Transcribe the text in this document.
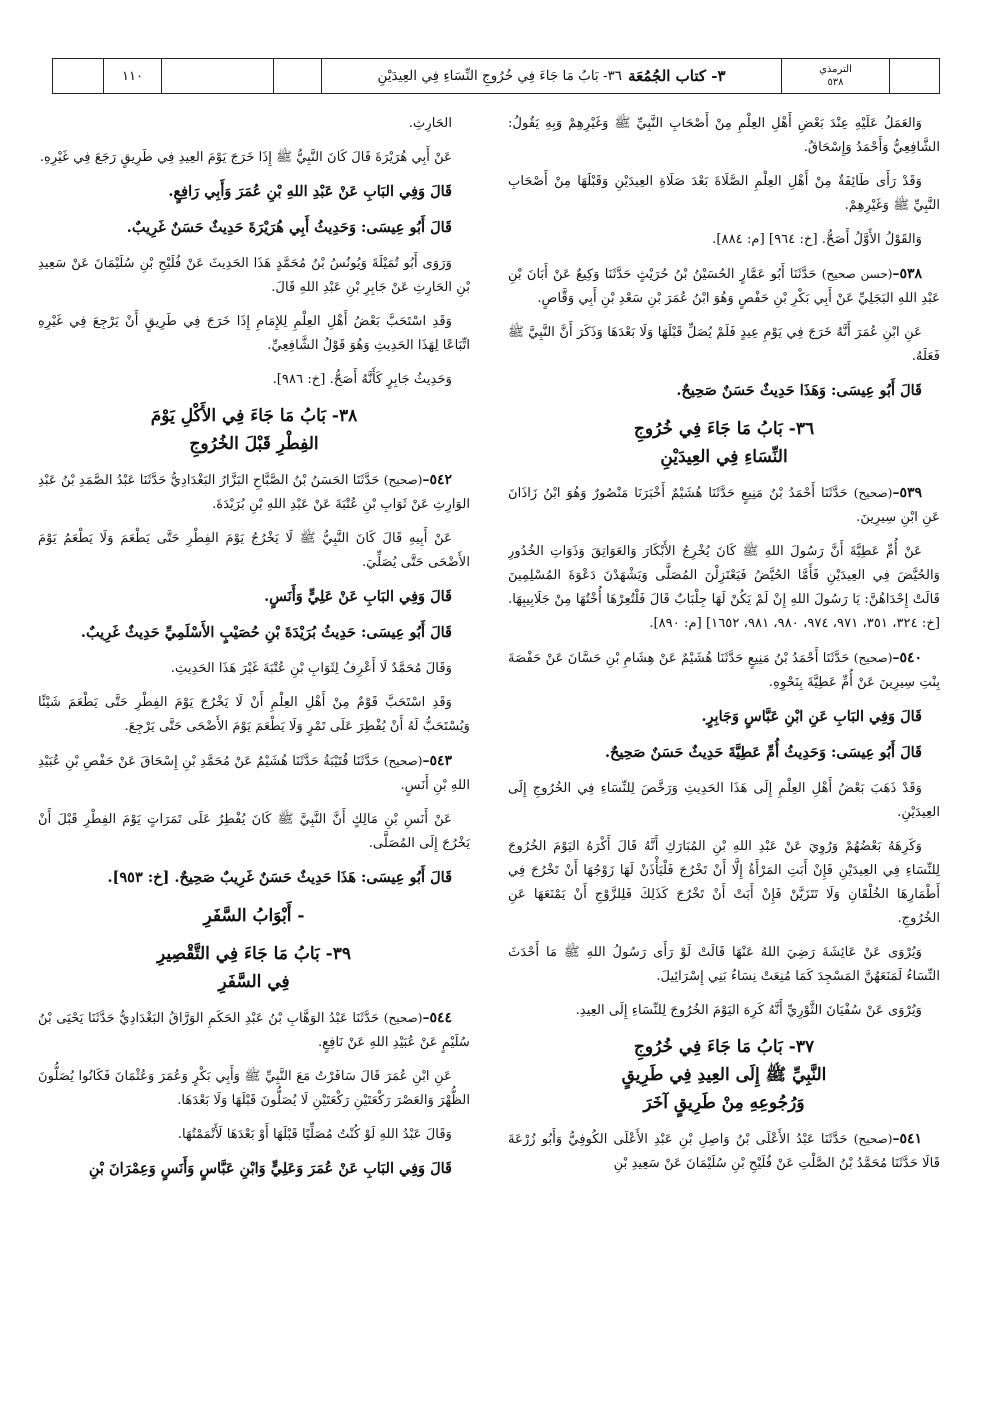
١١٠	٣- كتاب الجُمُعَة
٣٦- بَابُ مَا جَاءَ فِي خُرُوجِ النِّسَاءِ فِي العِيدَيْنِ	الترمذي
٥٣٨

وَالعَمَلُ عَلَيْهِ عِنْدَ بَعْضِ أَهْلِ العِلْمِ مِنْ أَصْحَابِ النَّبِيِّ ﷺ وَغَيْرِهِمْ وَبِهِ يَقُولُ: الشَّافِعِيُّ وَأَحْمَدُ وَإِسْحَاقُ.

وَقَدْ رَأَى طَائِفَةٌ مِنْ أَهْلِ العِلْمِ الصَّلَاةَ بَعْدَ صَلَاةِ العِيدَيْنِ وَقَبْلَهَا مِنْ أَصْحَابِ النَّبِيِّ ﷺ وَغَيْرِهِمْ.

وَالقَوْلُ الأَوَّلُ أَصَحُّ. [خ: ٩٦٤] [م: ٨٨٤].

٥٣٨–(حسن صحيح) حَدَّثَنَا أَبُو عَمَّارٍ الحُسَيْنُ بْنُ حُرَيْثٍ حَدَّثَنَا وَكِيعٌ عَنْ أَبَانَ بْنِ عَبْدِ اللهِ البَجَلِيِّ عَنْ أَبِي بَكْرِ بْنِ حَفْصٍ وَهُوَ ابْنُ عُمَرَ بْنِ سَعْدِ بْنِ أَبِي وَقَّاصٍ.

عَنِ ابْنِ عُمَرَ أَنَّهُ خَرَجَ فِي يَوْمِ عِيدٍ فَلَمْ يُصَلِّ قَبْلَهَا وَلَا بَعْدَهَا وَذَكَرَ أَنَّ النَّبِيَّ ﷺ فَعَلَهُ.

قَالَ أَبُو عِيسَى: وَهَذَا حَدِيثٌ حَسَنٌ صَحِيحٌ.

٣٦- بَابُ مَا جَاءَ فِي خُرُوجِ
النِّسَاءِ فِي العِيدَيْنِ

٥٣٩–(صحيح) حَدَّثَنَا أَحْمَدُ بْنُ مَنِيعٍ حَدَّثَنَا هُشَيْمٌ أَخْبَرَنَا مَنْصُورٌ وَهُوَ ابْنُ زَاذَانَ عَنِ ابْنِ سِيرِينَ.

عَنْ أُمِّ عَطِيَّةَ أَنَّ رَسُولَ اللهِ ﷺ كَانَ يُخْرِجُ الأَبْكَارَ وَالعَوَاتِقَ وَذَوَاتِ الخُدُورِ وَالحُيَّضَ فِي العِيدَيْنِ فَأَمَّا الحُيَّضُ فَيَعْتَزِلْنَ المُصَلَّى وَيَشْهَدْنَ دَعْوَةَ المُسْلِمِينَ قَالَتْ إِحْدَاهُنَّ: يَا رَسُولَ اللهِ إِنْ لَمْ يَكُنْ لَهَا جِلْبَابٌ قَالَ فَلْتُعِرْهَا أُخْتُهَا مِنْ جَلَابِيبِهَا. [خ: ٣٢٤، ٣٥١، ٩٧١، ٩٧٤، ٩٨٠، ٩٨١، ١٦٥٢] [م: ٨٩٠].

٥٤٠–(صحيح) حَدَّثَنَا أَحْمَدُ بْنُ مَنِيعٍ حَدَّثَنَا هُشَيْمٌ عَنْ هِشَامِ بْنِ حَسَّانَ عَنْ حَفْصَةَ بِنْتِ سِيرِينَ عَنْ أُمِّ عَطِيَّةَ بِنَحْوِهِ.

قَالَ وَفِي البَابِ عَنِ ابْنِ عَبَّاسٍ وَجَابِرٍ.

قَالَ أَبُو عِيسَى: وَحَدِيثُ أُمِّ عَطِيَّةَ حَدِيثٌ حَسَنٌ صَحِيحٌ.

وَقَدْ ذَهَبَ بَعْضُ أَهْلِ العِلْمِ إِلَى هَذَا الحَدِيثِ وَرَخَّصَ لِلنِّسَاءِ فِي الخُرُوجِ إِلَى العِيدَيْنِ.

وَكَرِهَهُ بَعْضُهُمْ وَرُوِيَ عَنْ عَبْدِ اللهِ بْنِ المُبَارَكِ أَنَّهُ قَالَ أَكْرَهُ اليَوْمَ الخُرُوجَ لِلنِّسَاءِ فِي العِيدَيْنِ فَإِنْ أَبَتِ المَرْأَةُ إِلَّا أَنْ تَخْرُجَ فَلْيَأْذَنْ لَهَا زَوْجُهَا أَنْ تَخْرُجَ فِي أَطْمَارِهَا الخُلْقَانِ وَلَا تَتَزَيَّنْ فَإِنْ أَبَتْ أَنْ تَخْرُجَ كَذَلِكَ فَلِلزَّوْجِ أَنْ يَمْنَعَهَا عَنِ الخُرُوجِ.

وَيُرْوَى عَنْ عَائِشَةَ رَضِيَ اللهُ عَنْهَا قَالَتْ لَوْ رَأَى رَسُولُ اللهِ ﷺ مَا أَحْدَثَ النِّسَاءُ لَمَنَعَهُنَّ المَسْجِدَ كَمَا مُنِعَتْ نِسَاءُ بَنِي إِسْرَائِيلَ.

وَيُرْوَى عَنْ سُفْيَانَ الثَّوْرِيِّ أَنَّهُ كَرِهَ اليَوْمَ الخُرُوجَ لِلنِّسَاءِ إِلَى العِيدِ.

٣٧- بَابُ مَا جَاءَ فِي خُرُوجِ
النَّبِيِّ ﷺ إِلَى العِيدِ فِي طَرِيقٍ
وَرُجُوعِهِ مِنْ طَرِيقٍ آخَرَ

٥٤١–(صحيح) حَدَّثَنَا عَبْدُ الأَعْلَى بْنُ وَاصِلِ بْنِ عَبْدِ الأَعْلَى الكُوفِيُّ وَأَبُو زُرْعَةَ قَالَا حَدَّثَنَا مُحَمَّدُ بْنُ الصَّلْتِ عَنْ فُلَيْحِ بْنِ سُلَيْمَانَ عَنْ سَعِيدِ بْنِ

الحَارِثِ.

عَنْ أَبِي هُرَيْرَةَ قَالَ كَانَ النَّبِيُّ ﷺ إِذَا خَرَجَ يَوْمَ العِيدِ فِي طَرِيقٍ رَجَعَ فِي غَيْرِهِ.

قَالَ وَفِي البَابِ عَنْ عَبْدِ اللهِ بْنِ عُمَرَ وَأَبِي رَافِعٍ.

قَالَ أَبُو عِيسَى: وَحَدِيثُ أَبِي هُرَيْرَةَ حَدِيثٌ حَسَنٌ غَرِيبٌ.

وَرَوَى أَبُو تُمَيْلَةَ وَيُونُسُ بْنُ مُحَمَّدٍ هَذَا الحَدِيثَ عَنْ فُلَيْحِ بْنِ سُلَيْمَانَ عَنْ سَعِيدِ بْنِ الحَارِثِ عَنْ جَابِرِ بْنِ عَبْدِ اللهِ قَالَ.

وَقَدِ اسْتَحَبَّ بَعْضُ أَهْلِ العِلْمِ لِلإِمَامِ إِذَا خَرَجَ فِي طَرِيقٍ أَنْ يَرْجِعَ فِي غَيْرِهِ اتِّبَاعًا لِهَذَا الحَدِيثِ وَهُوَ قَوْلُ الشَّافِعِيِّ.

وَحَدِيثُ جَابِرٍ كَأَنَّهُ أَصَحُّ. [خ: ٩٨٦].

٣٨- بَابُ مَا جَاءَ فِي الأَكْلِ يَوْمَ
الفِطْرِ قَبْلَ الخُرُوجِ

٥٤٢–(صحيح) حَدَّثَنَا الحَسَنُ بْنُ الصَّبَّاحِ البَزَّارُ البَغْدَادِيُّ حَدَّثَنَا عَبْدُ الصَّمَدِ بْنُ عَبْدِ الوَارِثِ عَنْ ثَوَابِ بْنِ عُتْبَةَ عَنْ عَبْدِ اللهِ بْنِ بُرَيْدَةَ.

عَنْ أَبِيهِ قَالَ كَانَ النَّبِيُّ ﷺ لَا يَخْرُجُ يَوْمَ الفِطْرِ حَتَّى يَطْعَمَ وَلَا يَطْعَمُ يَوْمَ الأَضْحَى حَتَّى يُصَلِّيَ.

قَالَ وَفِي البَابِ عَنْ عَلِيٍّ وَأَنَسٍ.

قَالَ أَبُو عِيسَى: حَدِيثُ بُرَيْدَةَ بْنِ حُصَيْبٍ الأَسْلَمِيِّ حَدِيثٌ غَرِيبٌ.

وَقَالَ مُحَمَّدٌ لَا أَعْرِفُ لِثَوَابِ بْنِ عُتْبَةَ غَيْرَ هَذَا الحَدِيثِ.

وَقَدِ اسْتَحَبَّ قَوْمٌ مِنْ أَهْلِ العِلْمِ أَنْ لَا يَخْرُجَ يَوْمَ الفِطْرِ حَتَّى يَطْعَمَ شَيْئًا وَيُسْتَحَبُّ لَهُ أَنْ يُفْطِرَ عَلَى تَمْرٍ وَلَا يَطْعَمَ يَوْمَ الأَضْحَى حَتَّى يَرْجِعَ.

٥٤٣–(صحيح) حَدَّثَنَا قُتَيْبَةُ حَدَّثَنَا هُشَيْمٌ عَنْ مُحَمَّدِ بْنِ إِسْحَاقَ عَنْ حَفْصِ بْنِ عُبَيْدِ اللهِ بْنِ أَنَسٍ.

عَنْ أَنَسِ بْنِ مَالِكٍ أَنَّ النَّبِيَّ ﷺ كَانَ يُفْطِرُ عَلَى تَمَرَاتٍ يَوْمَ الفِطْرِ قَبْلَ أَنْ يَخْرُجَ إِلَى المُصَلَّى.

قَالَ أَبُو عِيسَى: هَذَا حَدِيثٌ حَسَنٌ غَرِيبٌ صَحِيحٌ. [خ: ٩٥٣].

- أَبْوَابُ السَّفَرِ
٣٩- بَابُ مَا جَاءَ فِي التَّقْصِيرِ
فِي السَّفَرِ

٥٤٤–(صحيح) حَدَّثَنَا عَبْدُ الوَهَّابِ بْنُ عَبْدِ الحَكَمِ الوَرَّاقُ البَغْدَادِيُّ حَدَّثَنَا يَحْيَى بْنُ سُلَيْمٍ عَنْ عُبَيْدِ اللهِ عَنْ نَافِعٍ.

عَنِ ابْنِ عُمَرَ قَالَ سَافَرْتُ مَعَ النَّبِيِّ ﷺ وَأَبِي بَكْرٍ وَعُمَرَ وَعُثْمَانَ فَكَانُوا يُصَلُّونَ الظُّهْرَ وَالعَصْرَ رَكْعَتَيْنِ رَكْعَتَيْنِ لَا يُصَلُّونَ قَبْلَهَا وَلَا بَعْدَهَا.

وَقَالَ عَبْدُ اللهِ لَوْ كُنْتُ مُصَلِّيًا قَبْلَهَا أَوْ بَعْدَهَا لَأَتْمَمْتُهَا.

قَالَ وَفِي البَابِ عَنْ عُمَرَ وَعَلِيٍّ وَابْنِ عَبَّاسٍ وَأَنَسٍ وَعِمْرَانَ بْنِ
